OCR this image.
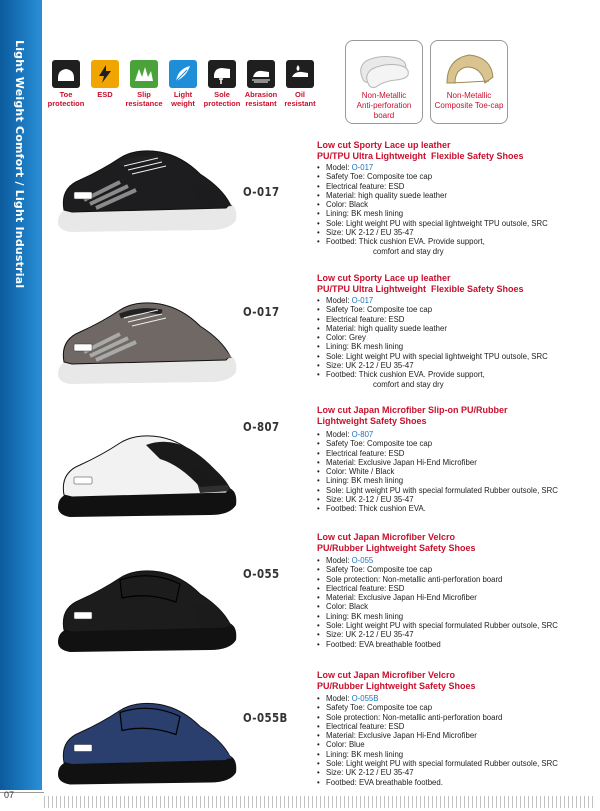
Light Weight Comfort / Light Industrial	Toe
protection
ESD	Slip
resistance
Light
weight
Sole
protection
Abrasion
resistant
Oil
resistant
Non-Metallic
Anti-perforation
board
Non-Metallic
Composite Toe-cap
O-017
Low cut Sporty Lace up leather
PU/TPU Ultra Lightweight  Flexible Safety Shoes
• Model: O-017
• Safety Toe: Composite toe cap
• Electrical feature: ESD
• Material: high quality suede leather
• Color: Black
• Lining: BK mesh lining
• Sole: Light weight PU with special lightweight TPU outsole, SRC
• Size: UK 2-12 / EU 35-47
• Footbed: Thick cushion EVA. Provide support,
comfort and stay dry
O-017
Low cut Sporty Lace up leather
PU/TPU Ultra Lightweight  Flexible Safety Shoes
• Model: O-017
• Safety Toe: Composite toe cap
• Electrical feature: ESD
• Material: high quality suede leather
• Color: Grey
• Lining: BK mesh lining
• Sole: Light weight PU with special lightweight TPU outsole, SRC
• Size: UK 2-12 / EU 35-47
• Footbed: Thick cushion EVA. Provide support,
comfort and stay dry
O-807
Low cut Japan Microfiber Slip-on PU/Rubber
Lightweight Safety Shoes
• Model: O-807
• Safety Toe: Composite toe cap
• Electrical feature: ESD
• Material: Exclusive Japan Hi-End Microfiber
• Color: White / Black
• Lining: BK mesh lining
• Sole: Light weight PU with special formulated Rubber outsole, SRC
• Size: UK 2-12 / EU 35-47
• Footbed: Thick cushion EVA.
O-055
Low cut Japan Microfiber Velcro
PU/Rubber Lightweight Safety Shoes
• Model: O-055
• Safety Toe: Composite toe cap
• Sole protection: Non-metallic anti-perforation board
• Electrical feature: ESD
• Material: Exclusive Japan Hi-End Microfiber
• Color: Black
• Lining: BK mesh lining
• Sole: Light weight PU with special formulated Rubber outsole, SRC
• Size: UK 2-12 / EU 35-47
• Footbed: EVA breathable footbed
O-055B
Low cut Japan Microfiber Velcro
PU/Rubber Lightweight Safety Shoes
• Model: O-055B
• Safety Toe: Composite toe cap
• Sole protection: Non-metallic anti-perforation board
• Electrical feature: ESD
• Material: Exclusive Japan Hi-End Microfiber
• Color: Blue
• Lining: BK mesh lining
• Sole: Light weight PU with special formulated Rubber outsole, SRC
• Size: UK 2-12 / EU 35-47
• Footbed: EVA breathable footbed.
07
